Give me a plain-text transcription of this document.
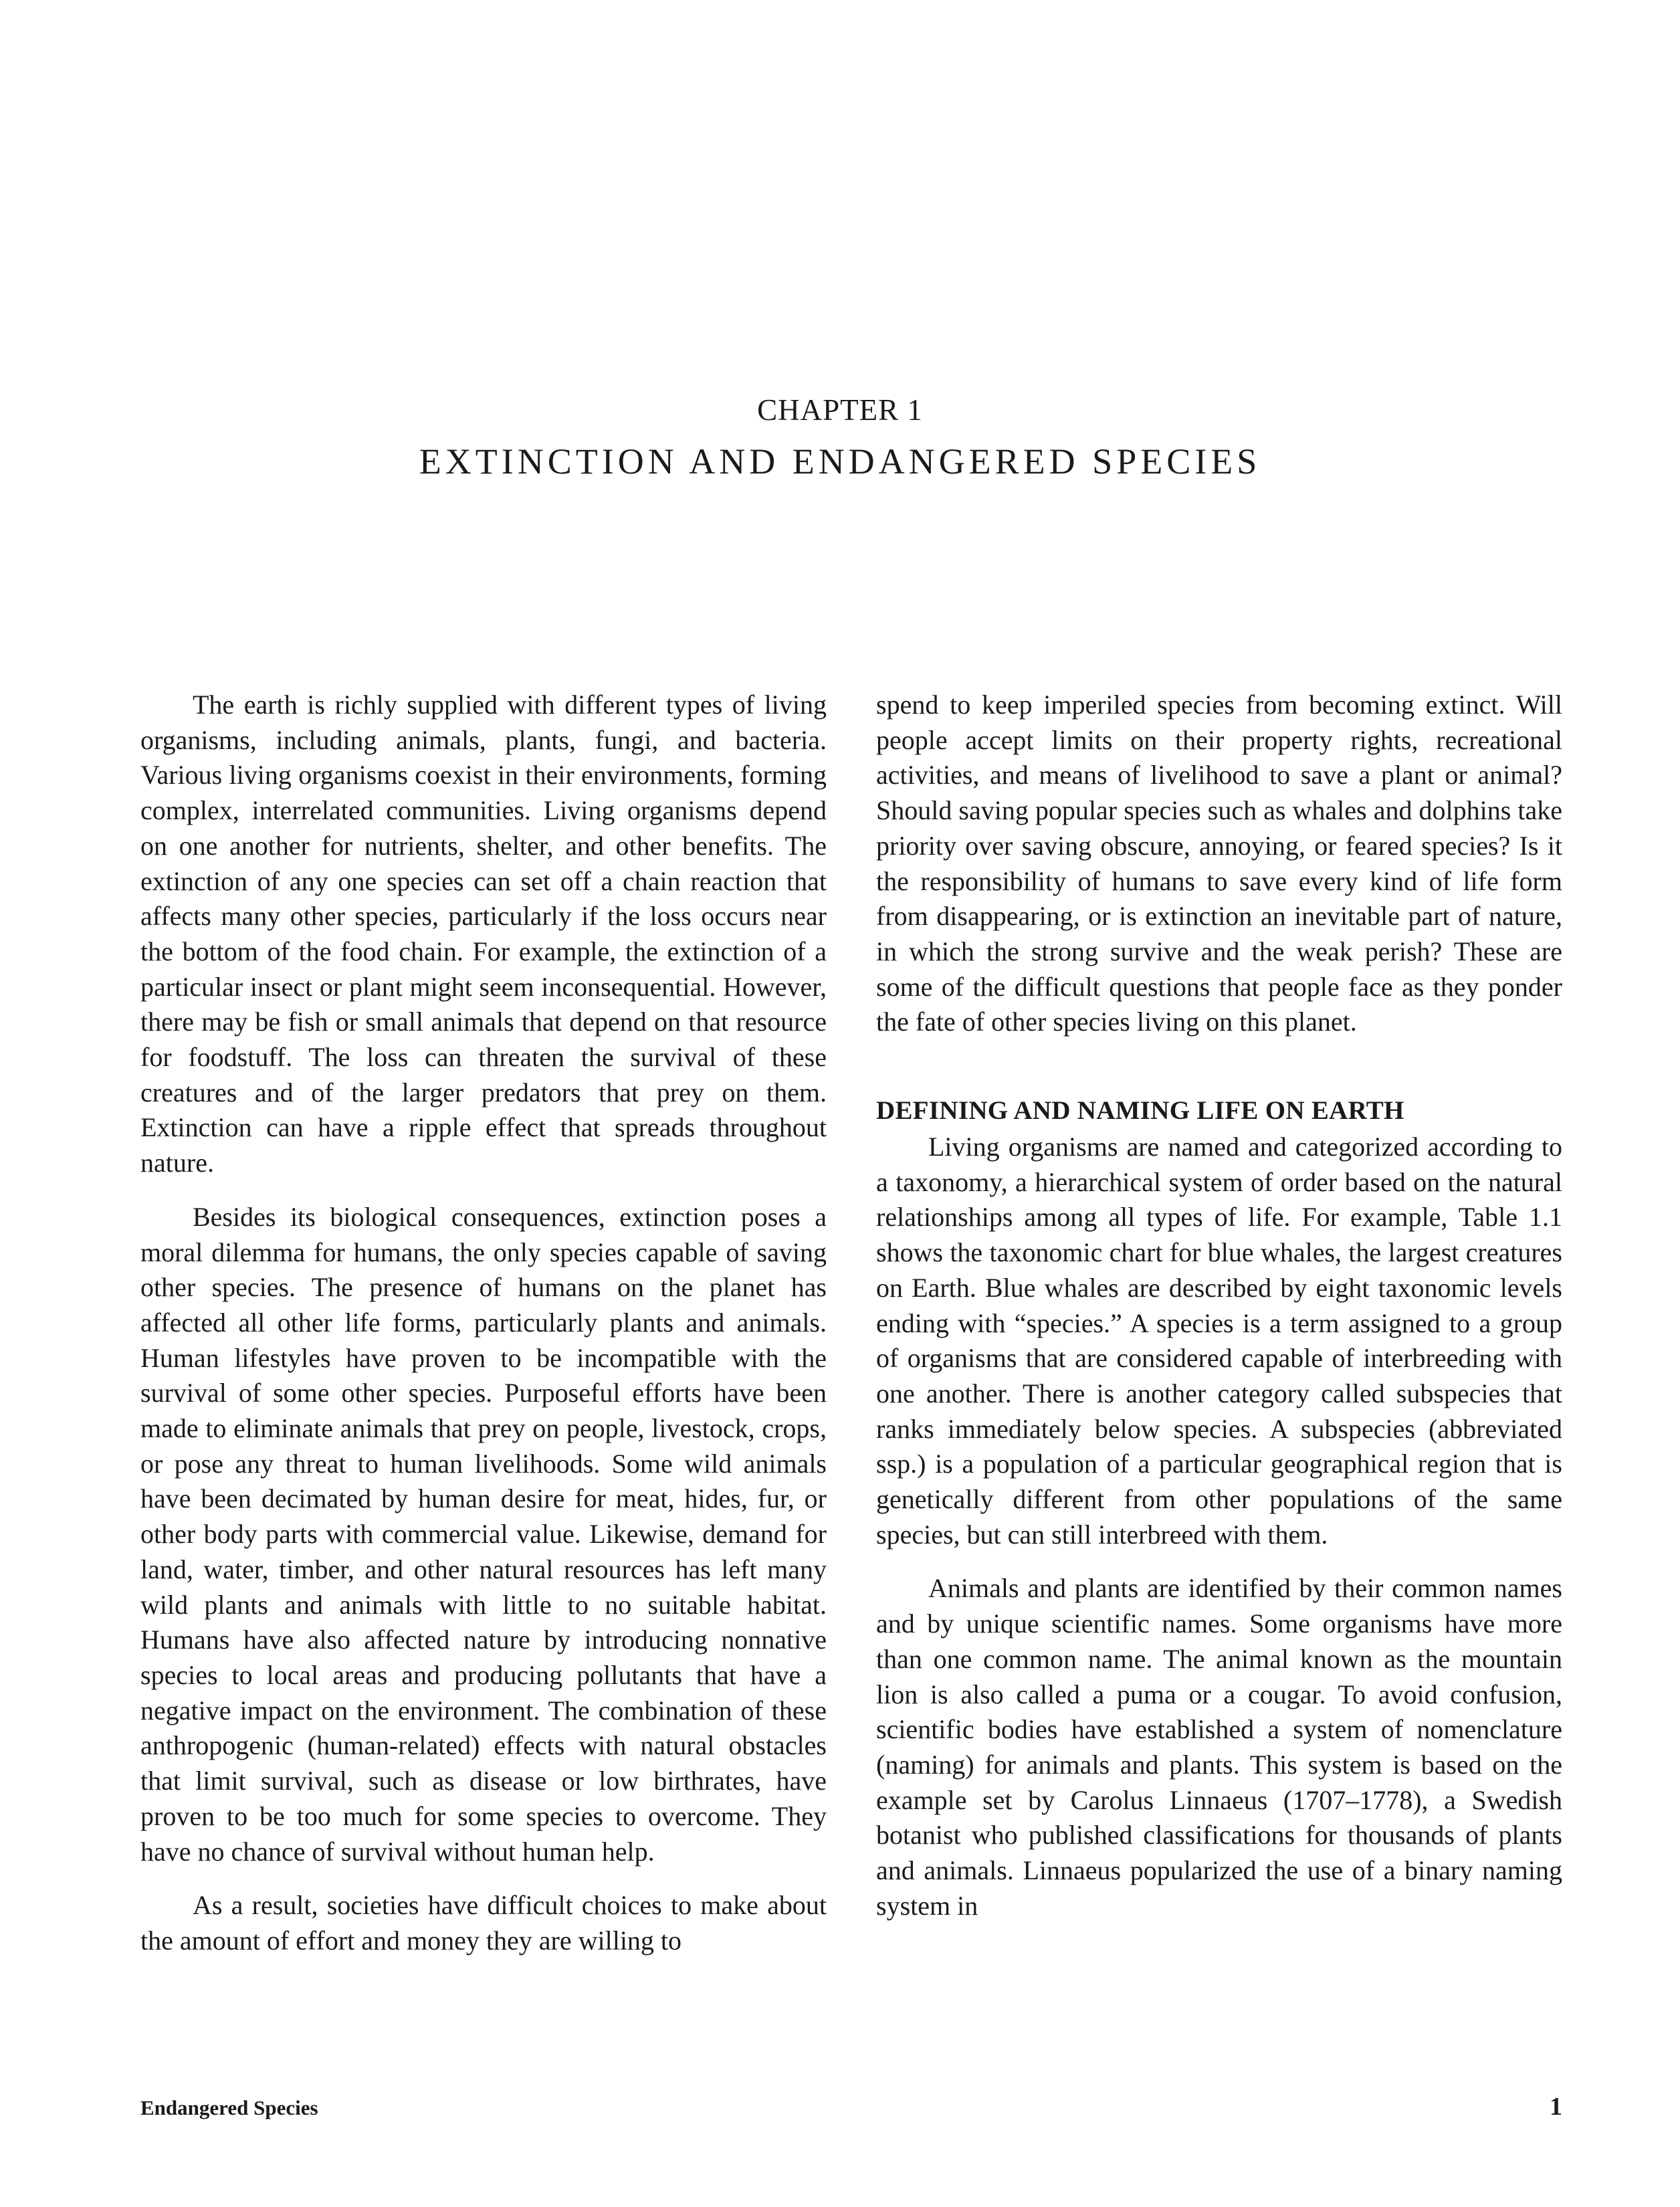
CHAPTER 1
EXTINCTION AND ENDANGERED SPECIES

The earth is richly supplied with different types of living organisms, including animals, plants, fungi, and bacteria. Various living organisms coexist in their environments, forming complex, interrelated communities. Living organisms depend on one another for nutrients, shelter, and other benefits. The extinction of any one species can set off a chain reaction that affects many other species, particularly if the loss occurs near the bottom of the food chain. For example, the extinction of a particular insect or plant might seem inconsequential. However, there may be fish or small animals that depend on that resource for foodstuff. The loss can threaten the survival of these creatures and of the larger predators that prey on them. Extinction can have a ripple effect that spreads throughout nature.

Besides its biological consequences, extinction poses a moral dilemma for humans, the only species capable of saving other species. The presence of humans on the planet has affected all other life forms, particularly plants and animals. Human lifestyles have proven to be incompatible with the survival of some other species. Purposeful efforts have been made to eliminate animals that prey on people, livestock, crops, or pose any threat to human livelihoods. Some wild animals have been decimated by human desire for meat, hides, fur, or other body parts with commercial value. Likewise, demand for land, water, timber, and other natural resources has left many wild plants and animals with little to no suitable habitat. Humans have also affected nature by introducing nonnative species to local areas and producing pollutants that have a negative impact on the environment. The combination of these anthropogenic (human-related) effects with natural obstacles that limit survival, such as disease or low birthrates, have proven to be too much for some species to overcome. They have no chance of survival without human help.

As a result, societies have difficult choices to make about the amount of effort and money they are willing to

spend to keep imperiled species from becoming extinct. Will people accept limits on their property rights, recreational activities, and means of livelihood to save a plant or animal? Should saving popular species such as whales and dolphins take priority over saving obscure, annoying, or feared species? Is it the responsibility of humans to save every kind of life form from disappearing, or is extinction an inevitable part of nature, in which the strong survive and the weak perish? These are some of the difficult questions that people face as they ponder the fate of other species living on this planet.

DEFINING AND NAMING LIFE ON EARTH

Living organisms are named and categorized according to a taxonomy, a hierarchical system of order based on the natural relationships among all types of life. For example, Table 1.1 shows the taxonomic chart for blue whales, the largest creatures on Earth. Blue whales are described by eight taxonomic levels ending with “species.” A species is a term assigned to a group of organisms that are considered capable of interbreeding with one another. There is another category called subspecies that ranks immediately below species. A subspecies (abbreviated ssp.) is a population of a particular geographical region that is genetically different from other populations of the same species, but can still interbreed with them.

Animals and plants are identified by their common names and by unique scientific names. Some organisms have more than one common name. The animal known as the mountain lion is also called a puma or a cougar. To avoid confusion, scientific bodies have established a system of nomenclature (naming) for animals and plants. This system is based on the example set by Carolus Linnaeus (1707–1778), a Swedish botanist who published classifications for thousands of plants and animals. Linnaeus popularized the use of a binary naming system in

Endangered Species	1
